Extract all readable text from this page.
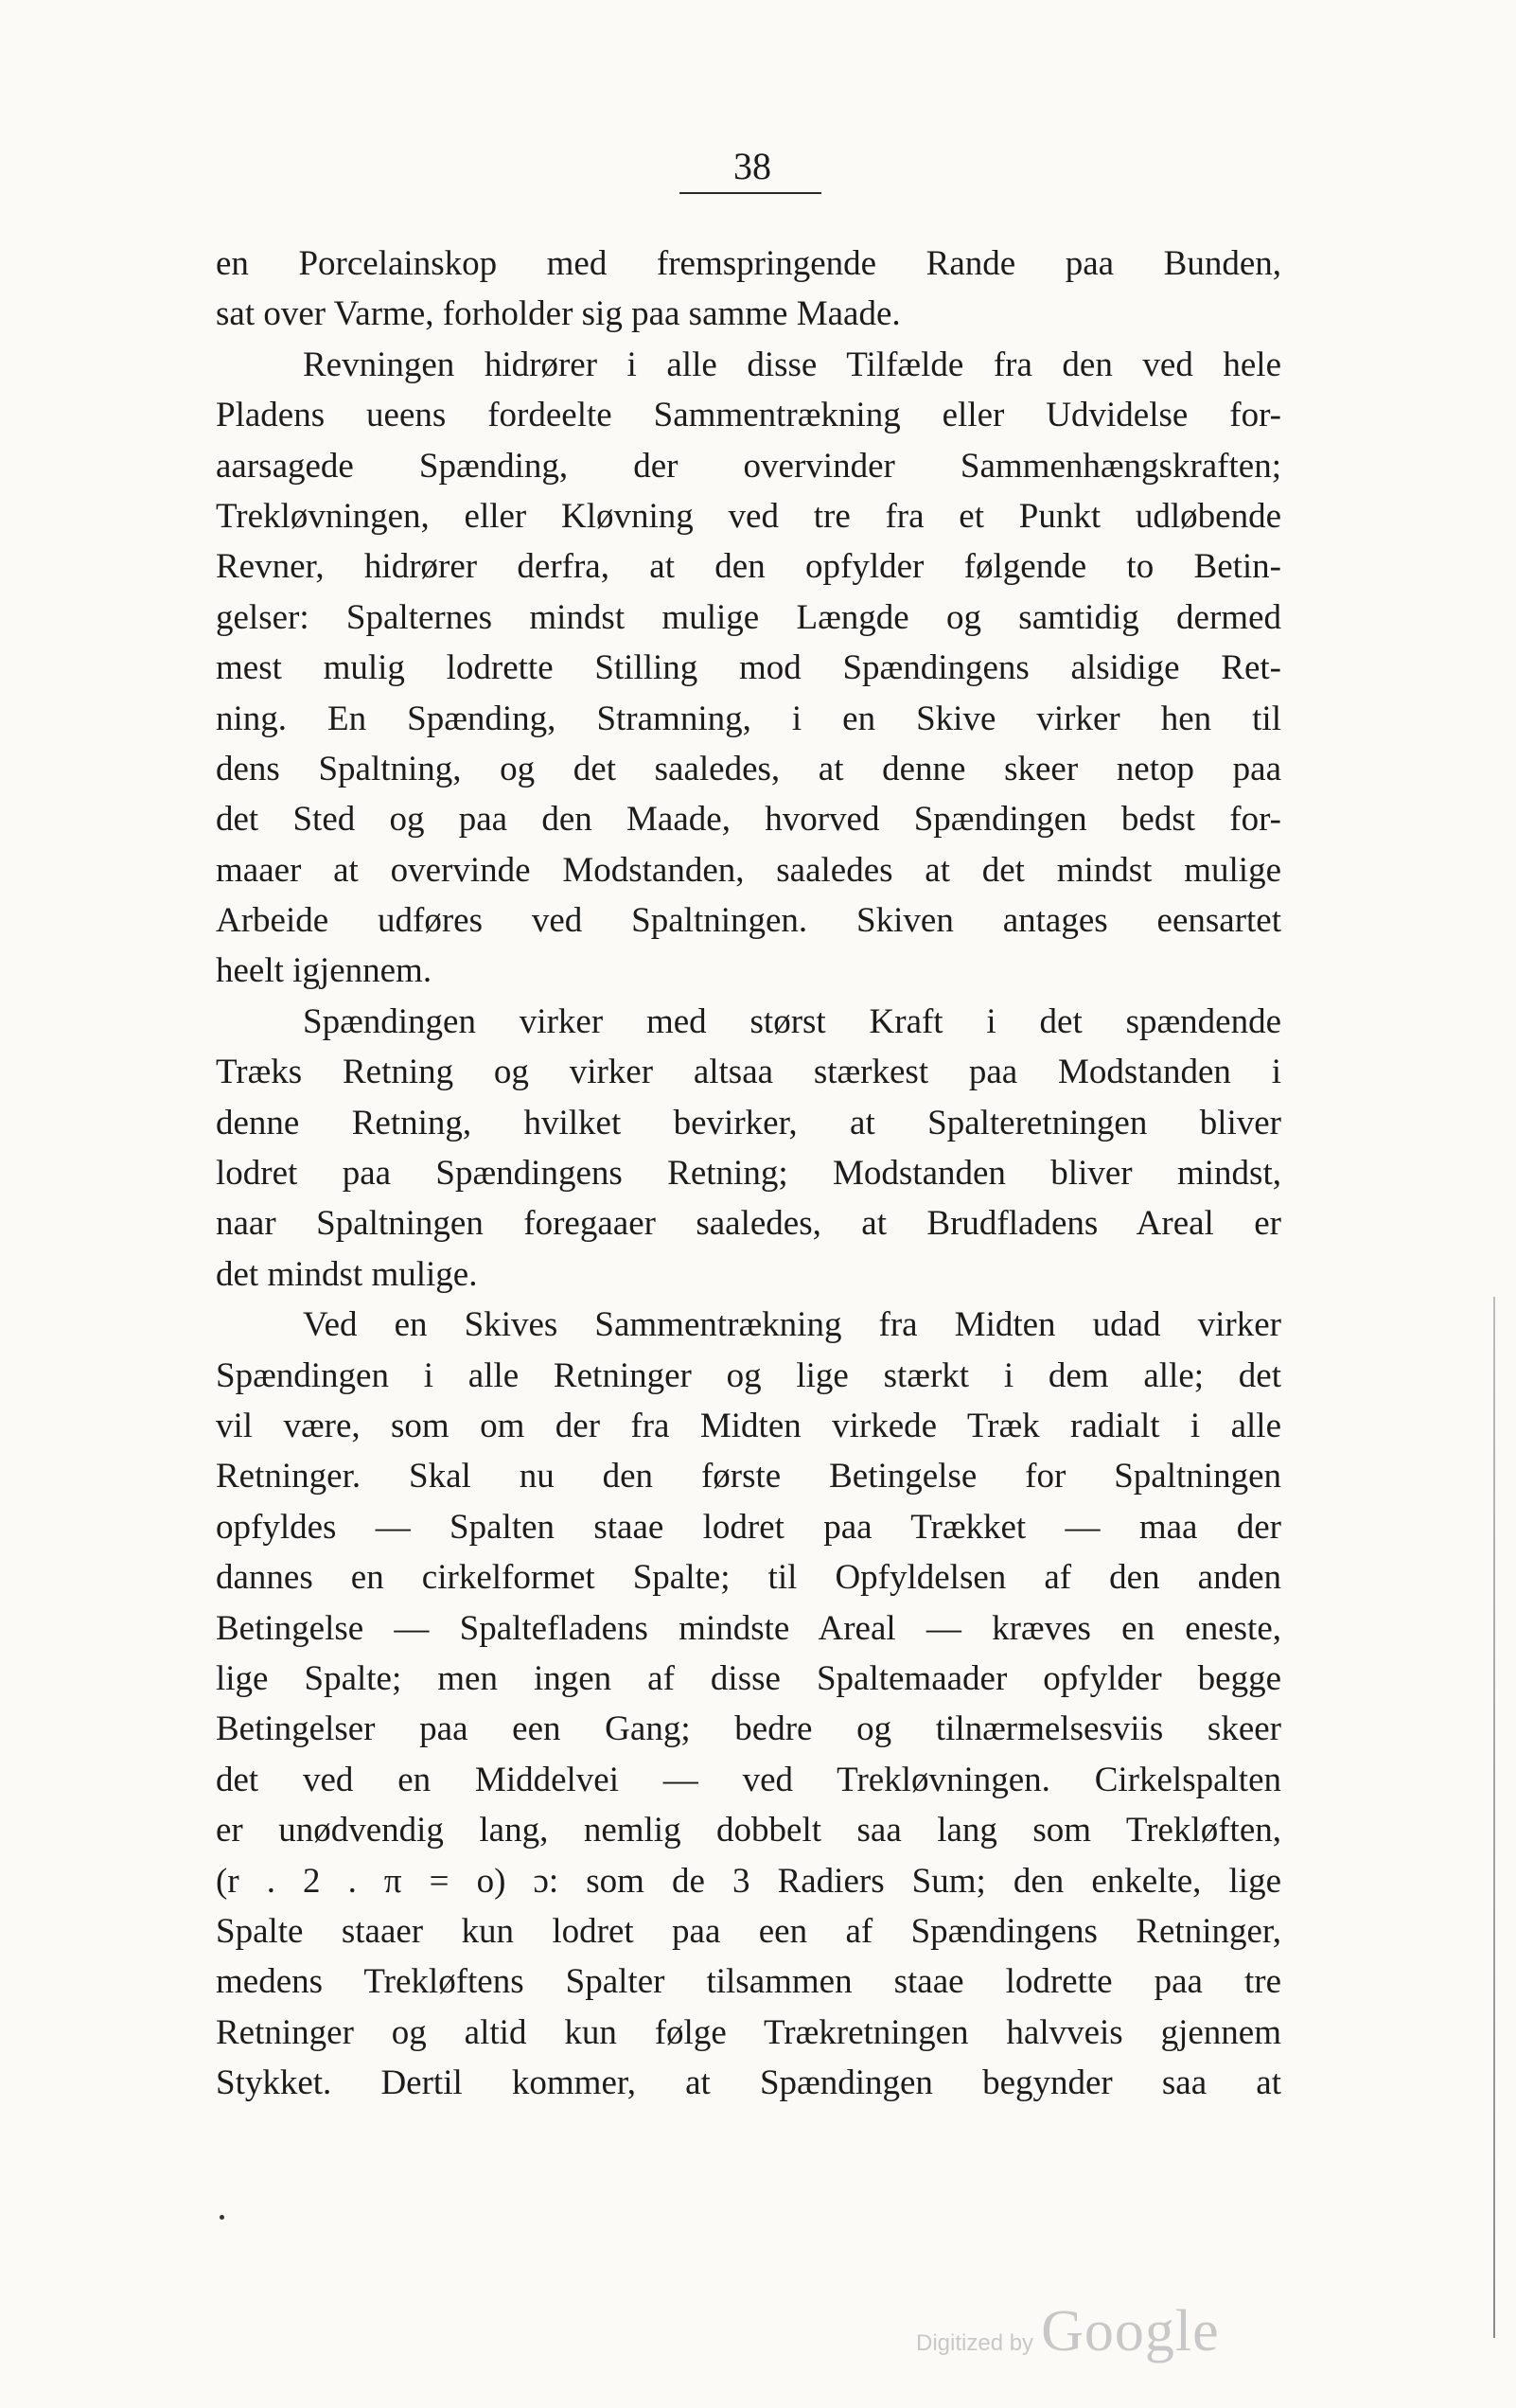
38
en Porcelainskop med fremspringende Rande paa Bunden,
sat over Varme, forholder sig paa samme Maade.
Revningen hidrører i alle disse Tilfælde fra den ved hele
Pladens ueens fordeelte Sammentrækning eller Udvidelse for-
aarsagede Spænding, der overvinder Sammenhængskraften;
Trekløvningen, eller Kløvning ved tre fra et Punkt udløbende
Revner, hidrører derfra, at den opfylder følgende to Betin-
gelser: Spalternes mindst mulige Længde og samtidig dermed
mest mulig lodrette Stilling mod Spændingens alsidige Ret-
ning. En Spænding, Stramning, i en Skive virker hen til
dens Spaltning, og det saaledes, at denne skeer netop paa
det Sted og paa den Maade, hvorved Spændingen bedst for-
maaer at overvinde Modstanden, saaledes at det mindst mulige
Arbeide udføres ved Spaltningen. Skiven antages eensartet
heelt igjennem.
Spændingen virker med størst Kraft i det spændende
Træks Retning og virker altsaa stærkest paa Modstanden i
denne Retning, hvilket bevirker, at Spalteretningen bliver
lodret paa Spændingens Retning; Modstanden bliver mindst,
naar Spaltningen foregaaer saaledes, at Brudfladens Areal er
det mindst mulige.
Ved en Skives Sammentrækning fra Midten udad virker
Spændingen i alle Retninger og lige stærkt i dem alle; det
vil være, som om der fra Midten virkede Træk radialt i alle
Retninger. Skal nu den første Betingelse for Spaltningen
opfyldes — Spalten staae lodret paa Trækket — maa der
dannes en cirkelformet Spalte; til Opfyldelsen af den anden
Betingelse — Spaltefladens mindste Areal — kræves en eneste,
lige Spalte; men ingen af disse Spaltemaader opfylder begge
Betingelser paa een Gang; bedre og tilnærmelsesviis skeer
det ved en Middelvei — ved Trekløvningen. Cirkelspalten
er unødvendig lang, nemlig dobbelt saa lang som Trekløften,
(r . 2 . π = o) ɔ: som de 3 Radiers Sum; den enkelte, lige
Spalte staaer kun lodret paa een af Spændingens Retninger,
medens Trekløftens Spalter tilsammen staae lodrette paa tre
Retninger og altid kun følge Trækretningen halvveis gjennem
Stykket. Dertil kommer, at Spændingen begynder saa at
Digitized by Google
